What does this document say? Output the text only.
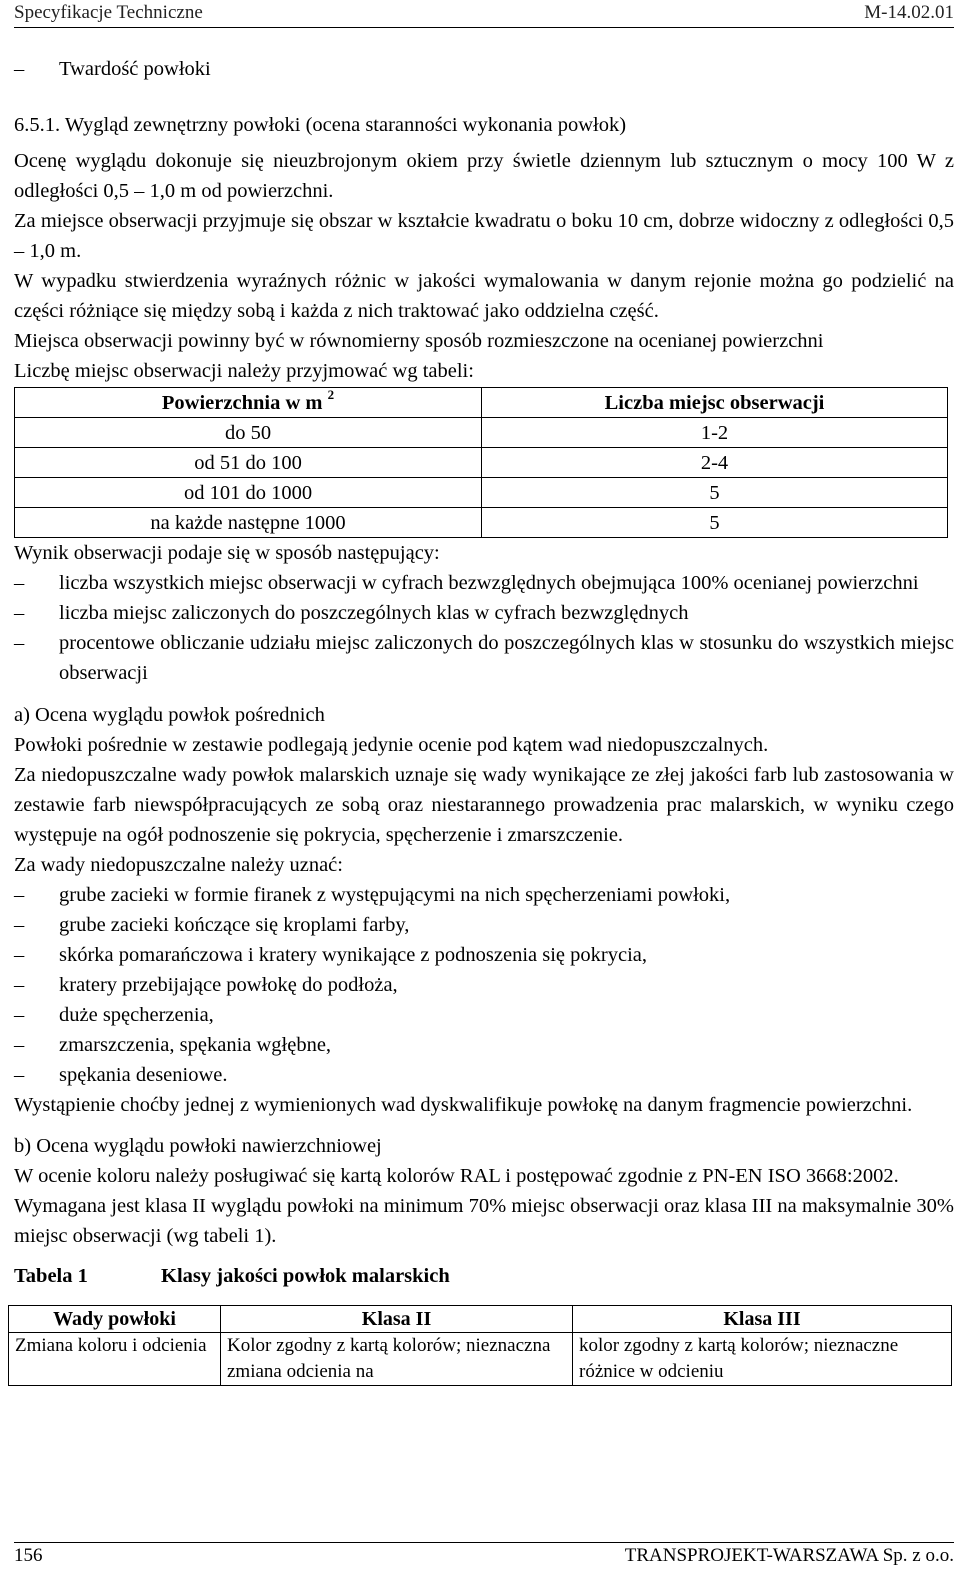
Specyfikacje Techniczne	M-14.02.01
–	Twardość powłoki

6.5.1. Wygląd zewnętrzny powłoki (ocena staranności wykonania powłok)

Ocenę wyglądu dokonuje się nieuzbrojonym okiem przy świetle dziennym lub sztucznym o mocy 100 W z odległości 0,5 – 1,0 m od powierzchni.

Za miejsce obserwacji przyjmuje się obszar w kształcie kwadratu o boku 10 cm, dobrze widoczny z odległości 0,5 – 1,0 m.

W wypadku stwierdzenia wyraźnych różnic w jakości wymalowania w danym rejonie można go podzielić na części różniące się między sobą i każda z nich traktować jako oddzielna część.

Miejsca obserwacji powinny być w równomierny sposób rozmieszczone na ocenianej powierzchni

Liczbę miejsc obserwacji należy przyjmować wg tabeli:

Powierzchnia w m $^2$	Liczba miejsc obserwacji
do 50	1-2
od 51 do 100	2-4
od 101 do 1000	5
na każde następne 1000	5

Wynik obserwacji podaje się w sposób następujący:

–	liczba wszystkich miejsc obserwacji w cyfrach bezwzględnych obejmująca 100% ocenianej powierzchni
–	liczba miejsc zaliczonych do poszczególnych klas w cyfrach bezwzględnych
–	procentowe obliczanie udziału miejsc zaliczonych do poszczególnych klas w stosunku do wszystkich miejsc obserwacji

a) Ocena wyglądu powłok pośrednich

Powłoki pośrednie w zestawie podlegają jedynie ocenie pod kątem wad niedopuszczalnych.

Za niedopuszczalne wady powłok malarskich uznaje się wady wynikające ze złej jakości farb lub zastosowania w zestawie farb niewspółpracujących ze sobą oraz niestarannego prowadzenia prac malarskich, w wyniku czego występuje na ogół podnoszenie się pokrycia, spęcherzenie i zmarszczenie.

Za wady niedopuszczalne należy uznać:

–	grube zacieki w formie firanek z występującymi na nich spęcherzeniami powłoki,
–	grube zacieki kończące się kroplami farby,
–	skórka pomarańczowa i kratery wynikające z podnoszenia się pokrycia,
–	kratery przebijające powłokę do podłoża,
–	duże spęcherzenia,
–	zmarszczenia, spękania wgłębne,
–	spękania deseniowe.

Wystąpienie choćby jednej z wymienionych wad dyskwalifikuje powłokę na danym fragmencie powierzchni.

b) Ocena wyglądu powłoki nawierzchniowej

W ocenie koloru należy posługiwać się kartą kolorów RAL i postępować zgodnie z PN-EN ISO 3668:2002.

Wymagana jest klasa II wyglądu powłoki na minimum 70% miejsc obserwacji oraz klasa III na maksymalnie 30% miejsc obserwacji (wg tabeli 1).

Tabela 1	Klasy jakości powłok malarskich
Wady powłoki	Klasa II	Klasa III
Zmiana koloru i odcienia	Kolor zgodny z kartą kolorów; nieznaczna zmiana odcienia na	kolor zgodny z kartą kolorów; nieznaczne różnice w odcieniu
156	TRANSPROJEKT-WARSZAWA Sp. z o.o.
